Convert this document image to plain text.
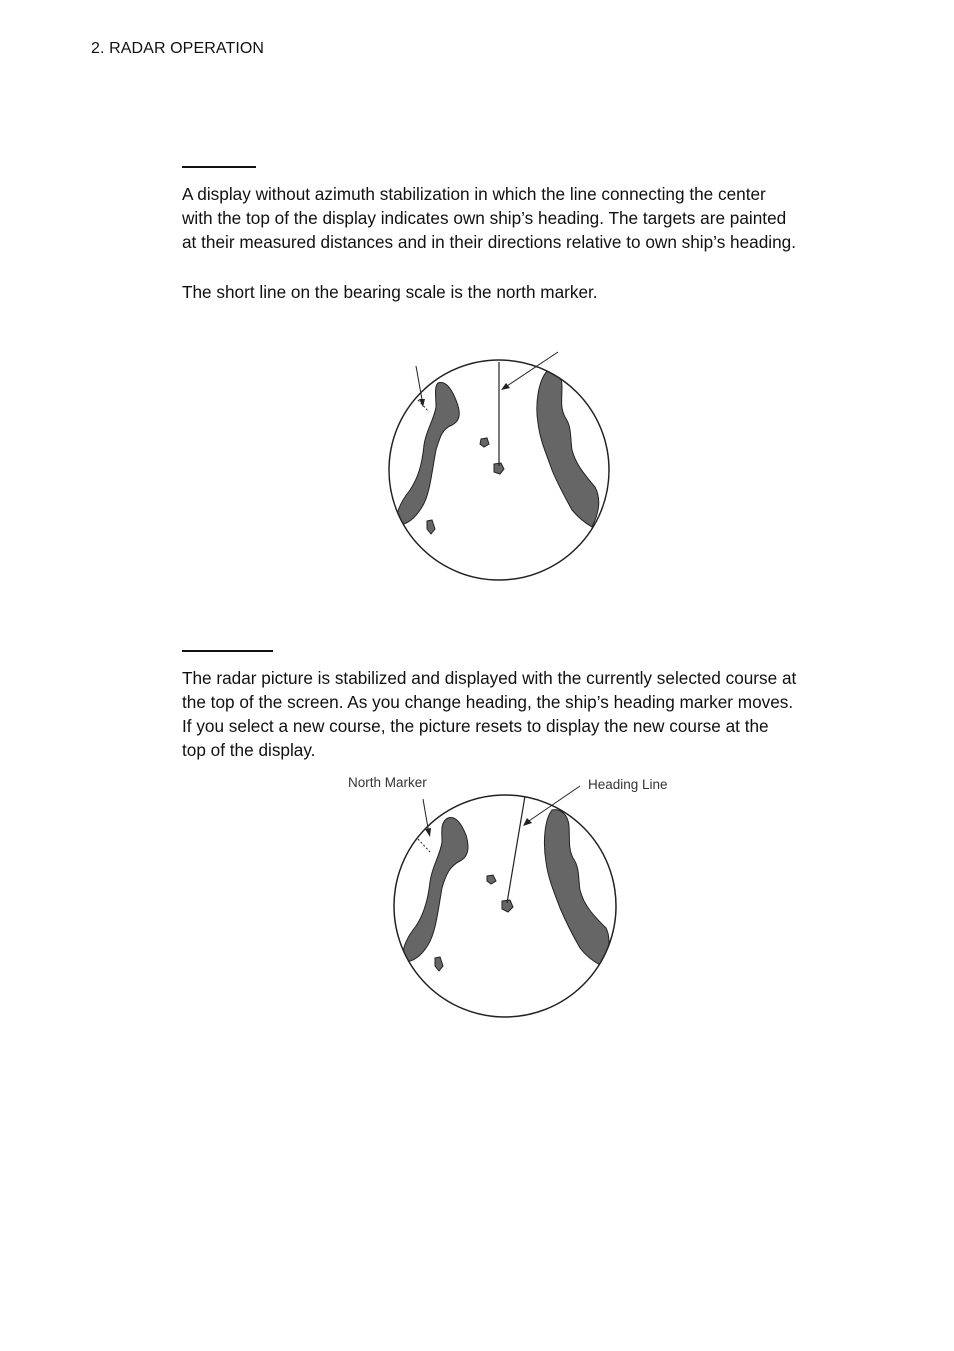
2. RADAR OPERATION

A display without azimuth stabilization in which the line connecting the center
with the top of the display indicates own ship’s heading. The targets are painted
at their measured distances and in their directions relative to own ship’s heading.

The short line on the bearing scale is the north marker.

The radar picture is stabilized and displayed with the currently selected course at
the top of the screen. As you change heading, the ship’s heading marker moves.
If you select a new course, the picture resets to display the new course at the
top of the display.

North Marker	Heading Line
